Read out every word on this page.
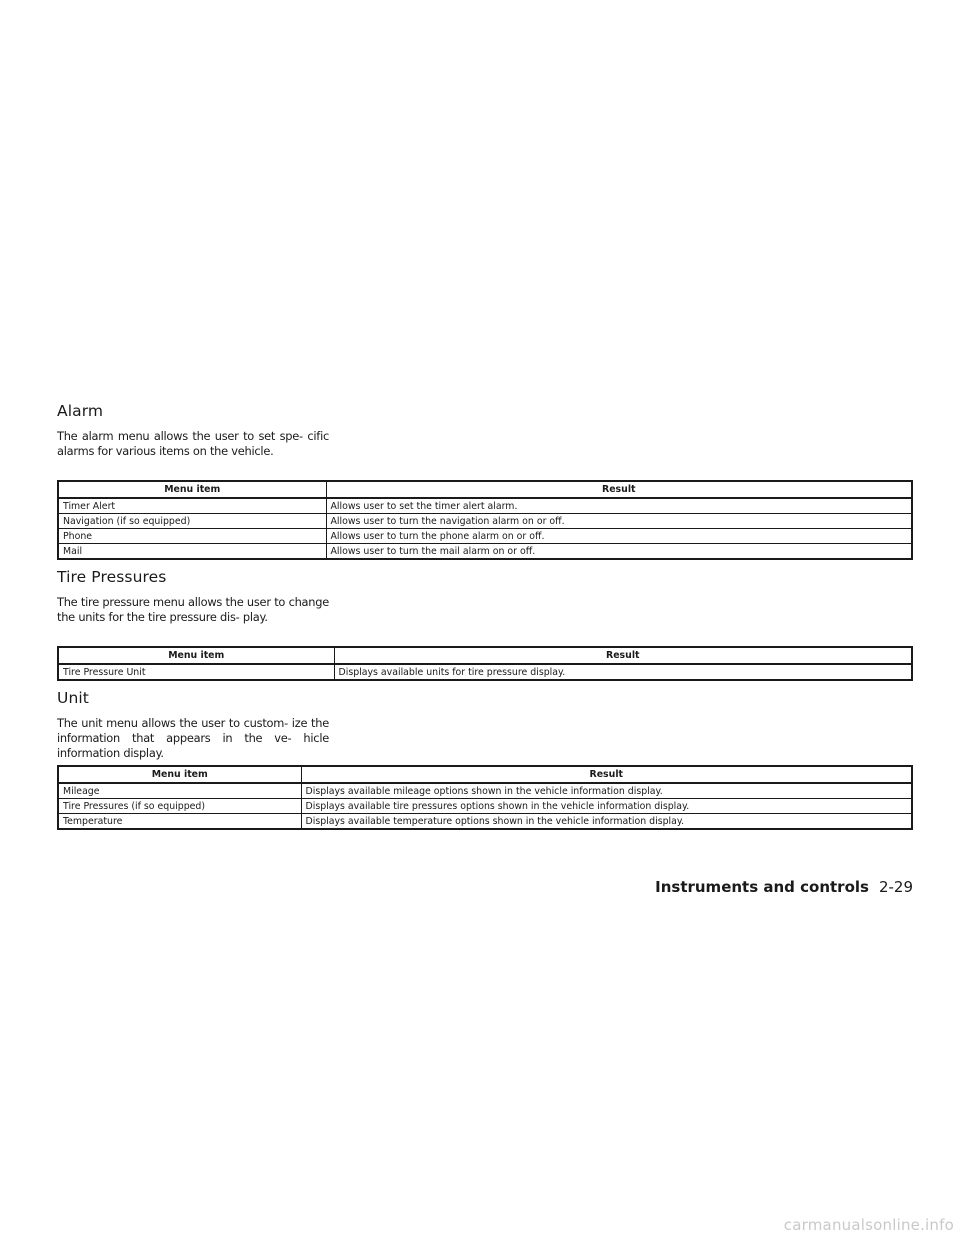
Alarm

The alarm menu allows the user to set spe- cific alarms for various items on the vehicle.

Menu item	Result
Timer Alert	Allows user to set the timer alert alarm.
Navigation (if so equipped)	Allows user to turn the navigation alarm on or off.
Phone	Allows user to turn the phone alarm on or off.
Mail	Allows user to turn the mail alarm on or off.
Tire Pressures

The tire pressure menu allows the user to change the units for the tire pressure dis- play.

Menu item	Result
Tire Pressure Unit	Displays available units for tire pressure display.
Unit

The unit menu allows the user to custom- ize the information that appears in the ve- hicle information display.

Menu item	Result
Mileage	Displays available mileage options shown in the vehicle information display.
Tire Pressures (if so equipped)	Displays available tire pressures options shown in the vehicle information display.
Temperature	Displays available temperature options shown in the vehicle information display.
Instruments and controls 2-29
carmanualsonline.info
